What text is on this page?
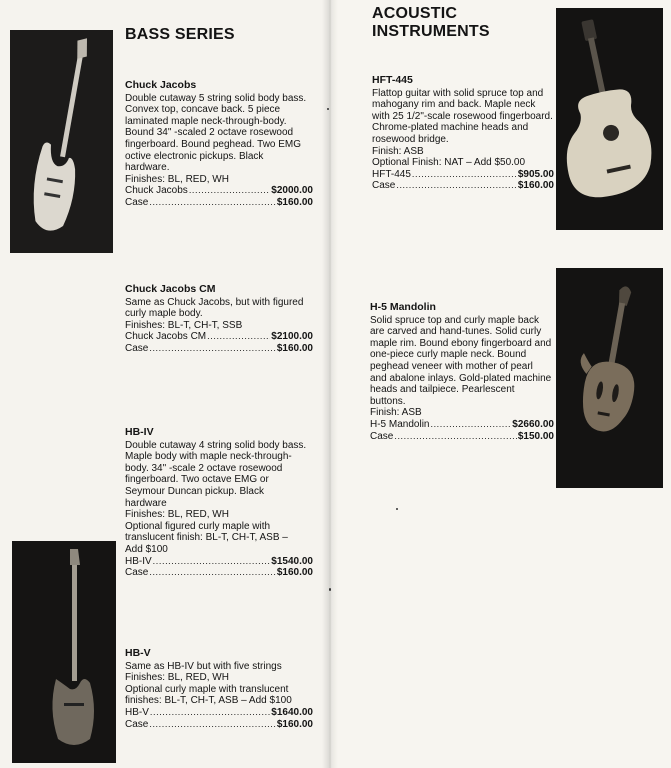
BASS SERIES
Chuck Jacobs
Double cutaway 5 string solid body bass.
Convex top, concave back. 5 piece
laminated maple neck-through-body.
Bound 34" -scaled 2 octave rosewood
fingerboard. Bound peghead. Two EMG
octive electronic pickups. Black
hardware.
Finishes: BL, RED, WH
Chuck Jacobs .....	$2000.00
Case .....	$160.00
Chuck Jacobs CM
Same as Chuck Jacobs, but with figured
curly maple body.
Finishes: BL-T, CH-T, SSB
Chuck Jacobs CM .....	$2100.00
Case .....	$160.00
HB-IV
Double cutaway 4 string solid body bass.
Maple body with maple neck-through-
body. 34" -scale 2 octave rosewood
fingerboard. Two octave EMG or
Seymour Duncan pickup. Black
hardware
Finishes: BL, RED, WH
Optional figured curly maple with
translucent finish: BL-T, CH-T, ASB –
Add $100
HB-IV .....	$1540.00
Case .....	$160.00
HB-V
Same as HB-IV but with five strings
Finishes: BL, RED, WH
Optional curly maple with translucent
finishes: BL-T, CH-T, ASB – Add $100
HB-V .....	$1640.00
Case .....	$160.00
ACOUSTIC
INSTRUMENTS
HFT-445
Flattop guitar with solid spruce top and
mahogany rim and back. Maple neck
with 25 1/2"-scale rosewood fingerboard.
Chrome-plated machine heads and
rosewood bridge.
Finish: ASB
Optional Finish: NAT – Add $50.00
HFT-445 .....	$905.00
Case .....	$160.00
H-5 Mandolin
Solid spruce top and curly maple back
are carved and hand-tunes. Solid curly
maple rim. Bound ebony fingerboard and
one-piece curly maple neck. Bound
peghead veneer with mother of pearl
and abalone inlays. Gold-plated machine
heads and tailpiece. Pearlescent
buttons.
Finish: ASB
H-5 Mandolin .....	$2660.00
Case .....	$150.00
